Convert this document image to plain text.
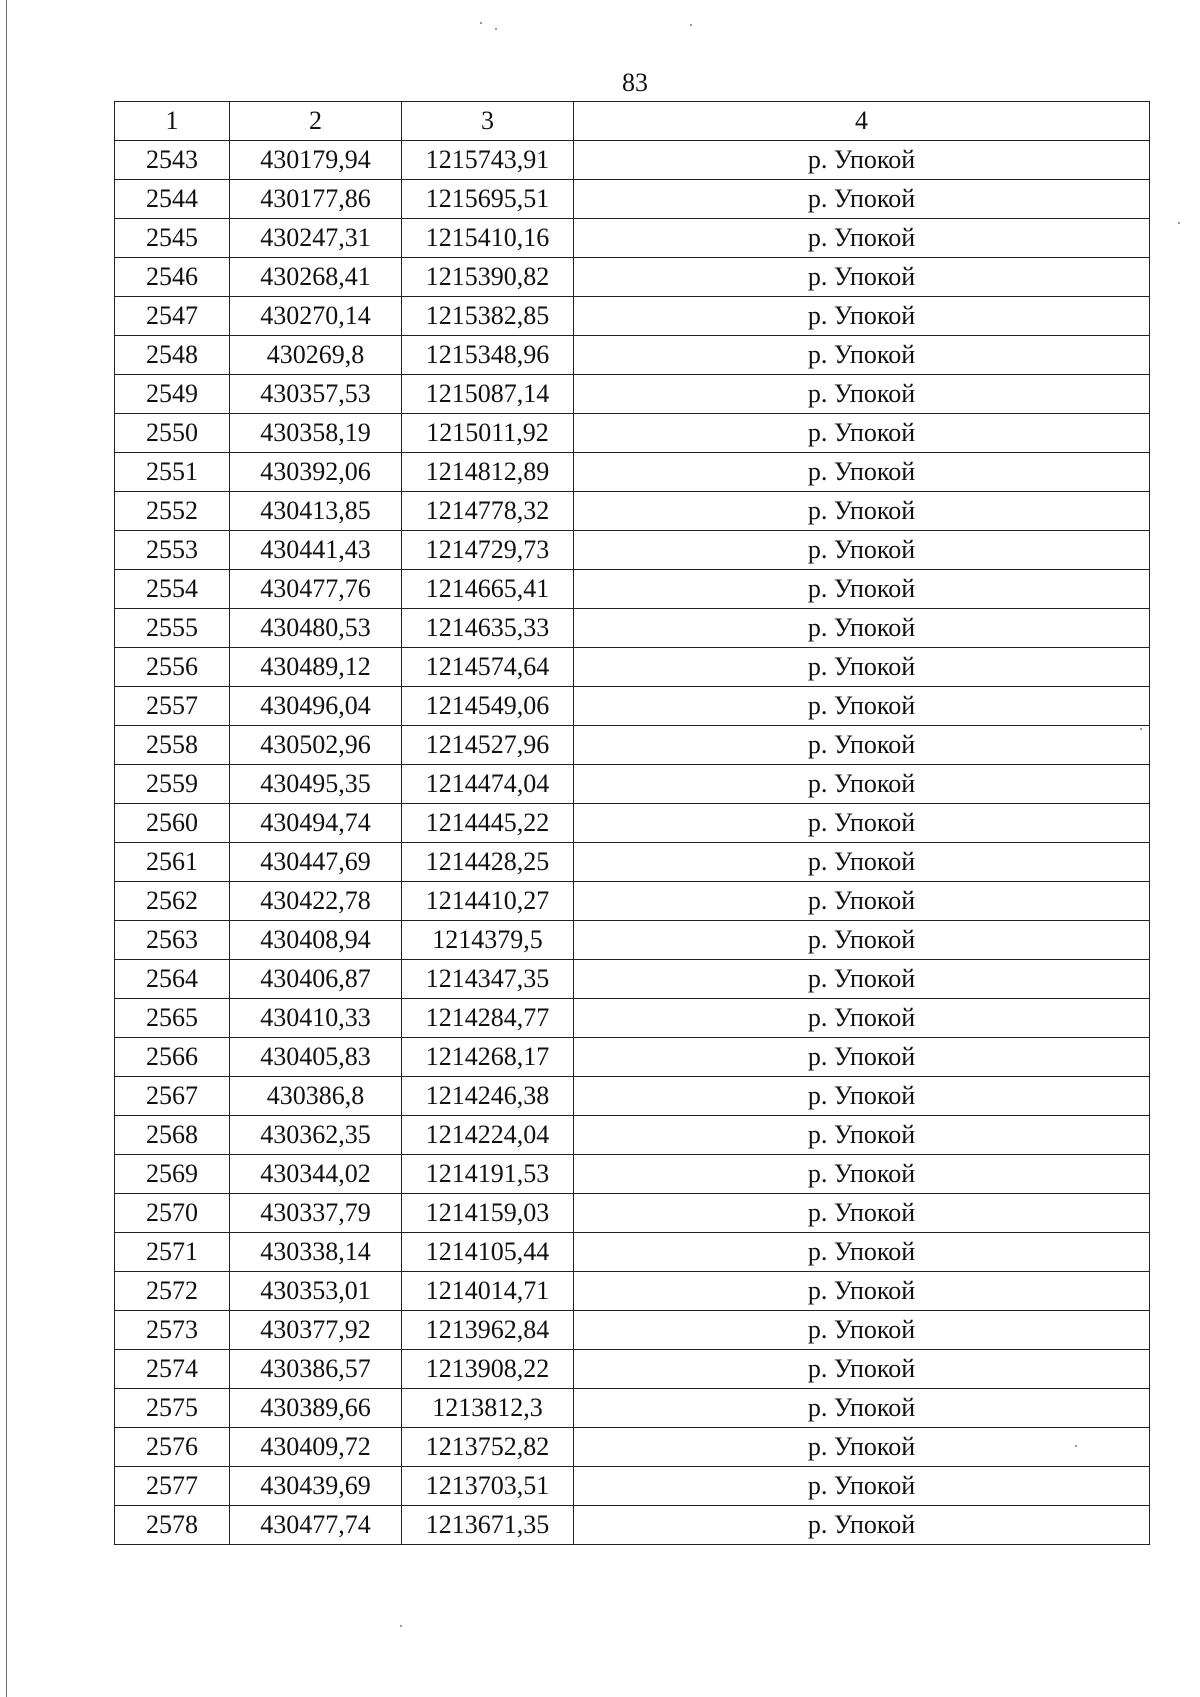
83
1	2	3	4
2543	430179,94	1215743,91	р. Упокой
2544	430177,86	1215695,51	р. Упокой
2545	430247,31	1215410,16	р. Упокой
2546	430268,41	1215390,82	р. Упокой
2547	430270,14	1215382,85	р. Упокой
2548	430269,8	1215348,96	р. Упокой
2549	430357,53	1215087,14	р. Упокой
2550	430358,19	1215011,92	р. Упокой
2551	430392,06	1214812,89	р. Упокой
2552	430413,85	1214778,32	р. Упокой
2553	430441,43	1214729,73	р. Упокой
2554	430477,76	1214665,41	р. Упокой
2555	430480,53	1214635,33	р. Упокой
2556	430489,12	1214574,64	р. Упокой
2557	430496,04	1214549,06	р. Упокой
2558	430502,96	1214527,96	р. Упокой
2559	430495,35	1214474,04	р. Упокой
2560	430494,74	1214445,22	р. Упокой
2561	430447,69	1214428,25	р. Упокой
2562	430422,78	1214410,27	р. Упокой
2563	430408,94	1214379,5	р. Упокой
2564	430406,87	1214347,35	р. Упокой
2565	430410,33	1214284,77	р. Упокой
2566	430405,83	1214268,17	р. Упокой
2567	430386,8	1214246,38	р. Упокой
2568	430362,35	1214224,04	р. Упокой
2569	430344,02	1214191,53	р. Упокой
2570	430337,79	1214159,03	р. Упокой
2571	430338,14	1214105,44	р. Упокой
2572	430353,01	1214014,71	р. Упокой
2573	430377,92	1213962,84	р. Упокой
2574	430386,57	1213908,22	р. Упокой
2575	430389,66	1213812,3	р. Упокой
2576	430409,72	1213752,82	р. Упокой
2577	430439,69	1213703,51	р. Упокой
2578	430477,74	1213671,35	р. Упокой
